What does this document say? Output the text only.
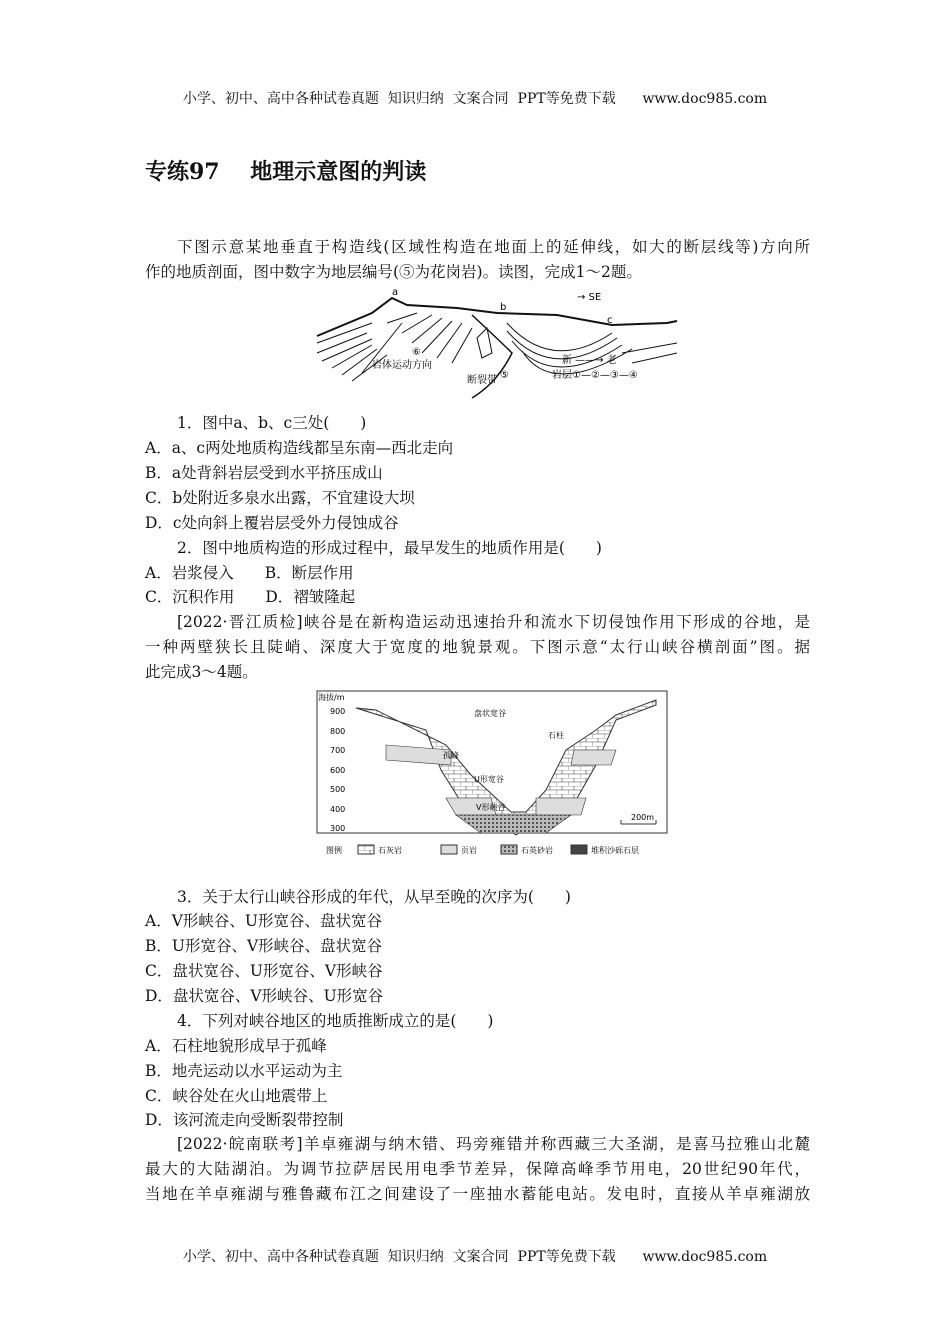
小学、初中、高中各种试卷真题  知识归纳  文案合同  PPT等免费下载      www.doc985.com
专练97    地理示意图的判读
下图示意某地垂直于构造线(区域性构造在地面上的延伸线，如大的断层线等)方向所
作的地质剖面，图中数字为地层编号(⑤为花岗岩)。读图，完成1～2题。
a
b
c
→ SE
岩体运动方向
断裂带
新 ——→ 老
岩层①—②—③—④
⑥
⑤
1．图中a、b、c三处(　　)
A．a、c两处地质构造线都呈东南—西北走向
B．a处背斜岩层受到水平挤压成山
C．b处附近多泉水出露，不宜建设大坝
D．c处向斜上覆岩层受外力侵蚀成谷
2．图中地质构造的形成过程中，最早发生的地质作用是(　　)
A．岩浆侵入　　B．断层作用
C．沉积作用　　D．褶皱隆起
[2022·晋江质检]峡谷是在新构造运动迅速抬升和流水下切侵蚀作用下形成的谷地，是
一种两壁狭长且陡峭、深度大于宽度的地貌景观。下图示意“太行山峡谷横剖面”图。据
此完成3～4题。
海拔/m
900
800
700
600
500
400
300
盘状宽谷
石柱
孤峰
U形宽谷
V形峡谷
200m
图例	石灰岩	页岩	石英砂岩	堆积沙砾石层
3．关于太行山峡谷形成的年代，从早至晚的次序为(　　)
A．V形峡谷、U形宽谷、盘状宽谷
B．U形宽谷、V形峡谷、盘状宽谷
C．盘状宽谷、U形宽谷、V形峡谷
D．盘状宽谷、V形峡谷、U形宽谷
4．下列对峡谷地区的地质推断成立的是(　　)
A．石柱地貌形成早于孤峰
B．地壳运动以水平运动为主
C．峡谷处在火山地震带上
D．该河流走向受断裂带控制
[2022·皖南联考]羊卓雍湖与纳木错、玛旁雍错并称西藏三大圣湖，是喜马拉雅山北麓
最大的大陆湖泊。为调节拉萨居民用电季节差异，保障高峰季节用电，20世纪90年代，
当地在羊卓雍湖与雅鲁藏布江之间建设了一座抽水蓄能电站。发电时，直接从羊卓雍湖放
小学、初中、高中各种试卷真题  知识归纳  文案合同  PPT等免费下载      www.doc985.com
